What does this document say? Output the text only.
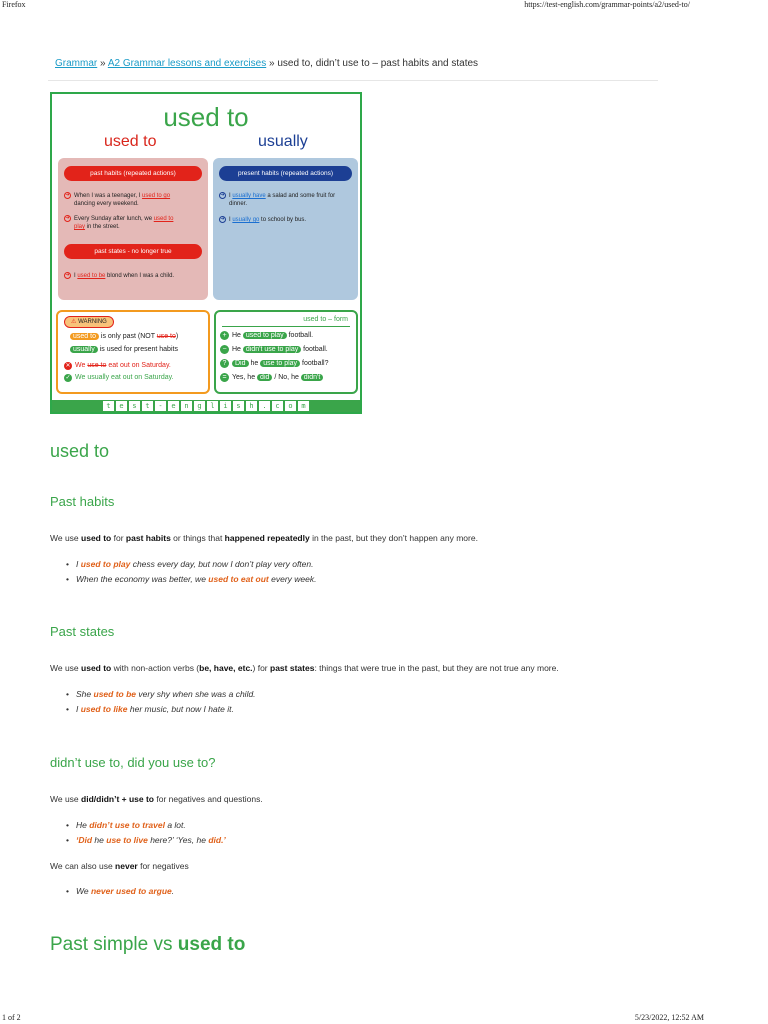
Firefox	https://test-english.com/grammar-points/a2/used-to/
Grammar » A2 Grammar lessons and exercises » used to, didn’t use to – past habits and states
used to
used to	usually
past habits (repeated actions)
➜ When I was a teenager, I used to go
dancing every weekend.
➜ Every Sunday after lunch, we used to
play in the street.
past states - no longer true
➜ I used to be blond when I was a child.
present habits (repeated actions)
➜ I usually have a salad and some fruit for
dinner.
➜ I usually go to school by bus.
⚠ WARNING
used to is only past (NOT use to)
usually is used for present habits
✕ We use to eat out on Saturday.
✓ We usually eat out on Saturday.
used to – form
+ He used to play football.
− He didn't use to play football.
? Did he use to play football?
= Yes, he did / No, he didn't
t	e	s	t	-	e	n	g	l	i	s	h	.	c	o	m
used to
Past habits
We use used to for past habits or things that happened repeatedly in the past, but they don’t happen any more.
• I used to play chess every day, but now I don’t play very often.
• When the economy was better, we used to eat out every week.
Past states
We use used to with non-action verbs (be, have, etc.) for past states: things that were true in the past, but they are not true any more.
• She used to be very shy when she was a child.
• I used to like her music, but now I hate it.
didn’t use to, did you use to?
We use did/didn’t + use to for negatives and questions.
• He didn’t use to travel a lot.
• ‘Did he use to live here?’ ‘Yes, he did.’
We can also use never for negatives
• We never used to argue.
Past simple vs used to
1 of 2	5/23/2022, 12:52 AM
